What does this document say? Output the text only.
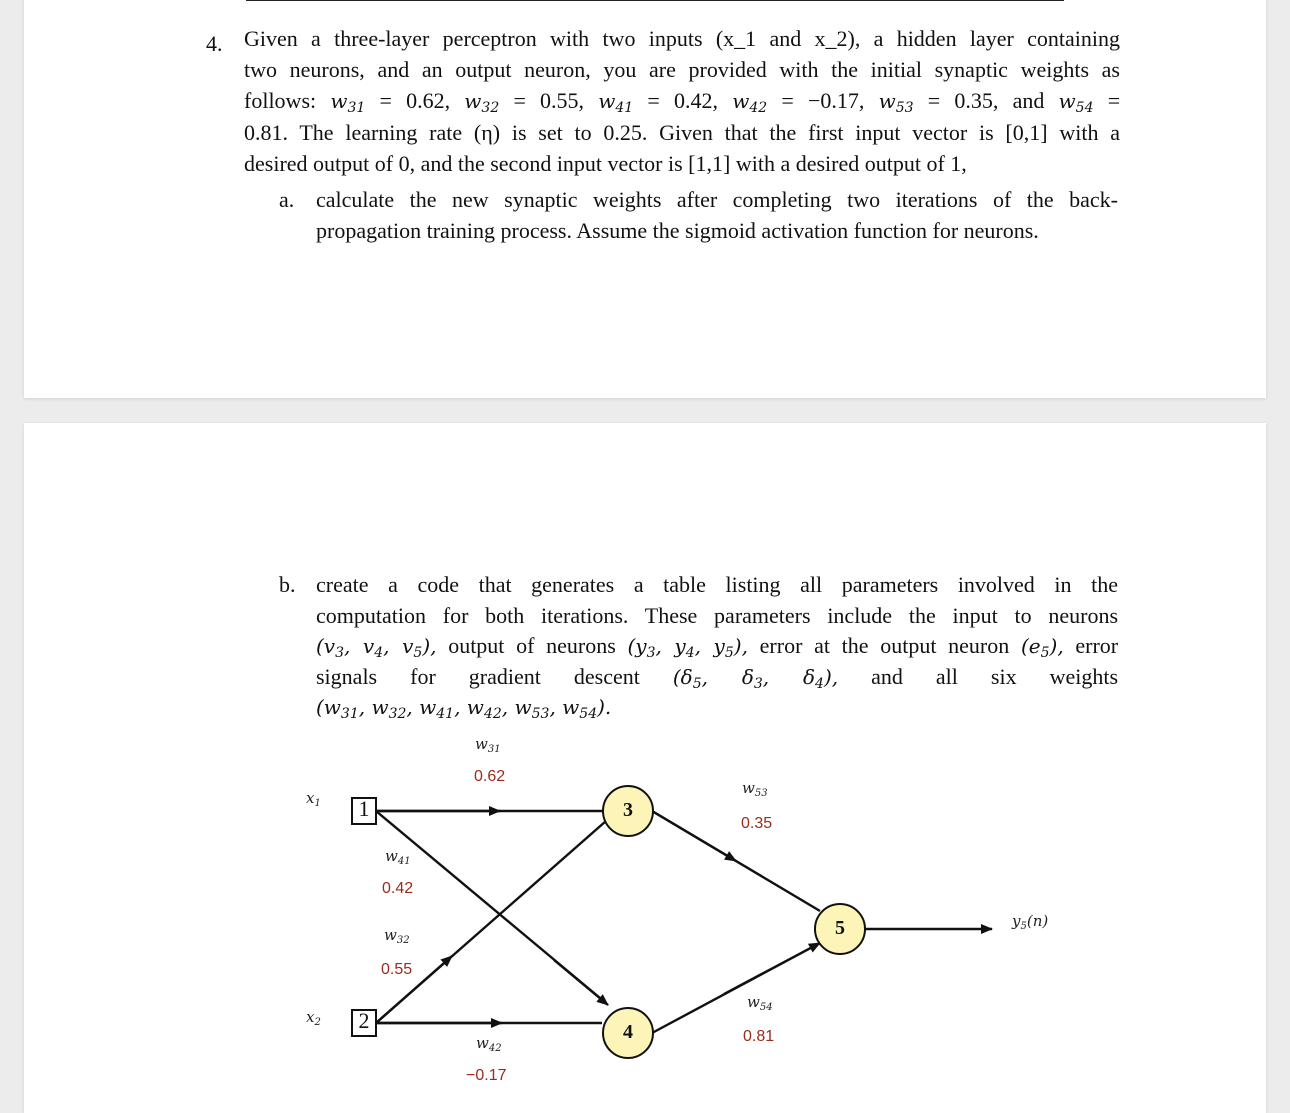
4. Given a three-layer perceptron with two inputs (x_1 and x_2), a hidden layer containing
two neurons, and an output neuron, you are provided with the initial synaptic weights as
follows: $w_{31} = 0.62$, $w_{32} = 0.55$, $w_{41} = 0.42$, $w_{42} = -0.17$, $w_{53} = 0.35$, and $w_{54}$ =
0.81. The learning rate (η) is set to 0.25. Given that the first input vector is [0,1] with a
desired output of 0, and the second input vector is [1,1] with a desired output of 1,
a. calculate the new synaptic weights after completing two iterations of the back-
propagation training process. Assume the sigmoid activation function for neurons.
b. create a code that generates a table listing all parameters involved in the
computation for both iterations. These parameters include the input to neurons
($v_3$, $v_4$, $v_5$), output of neurons ($y_3$, $y_4$, $y_5$), error at the output neuron $(e_5)$, error
signals for gradient descent ($\delta_5$, $\delta_3$, $\delta_4$), and all six weights
($w_{31}$, $w_{32}$, $w_{41}$, $w_{42}$, $w_{53}$, $w_{54}$).
1
2
3
4
5
$x_1$
$x_2$
$y_5(n)$
$w_{31}$
0.62
$w_{41}$
0.42
$w_{32}$
0.55
$w_{42}$
−0.17
$w_{53}$
0.35
$w_{54}$
0.81
